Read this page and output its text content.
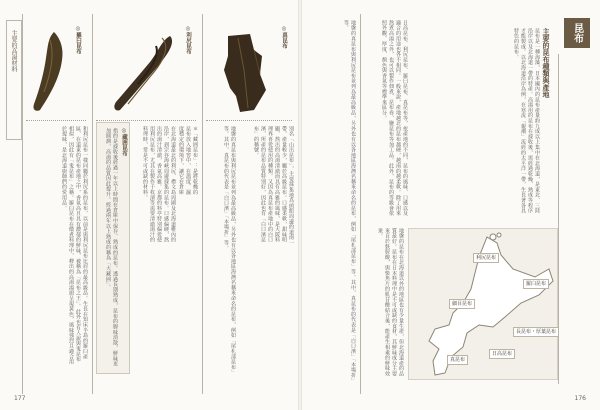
主要的高湯材料	◎羅臼昆布
和利尻昆布一樣同屬於利尻系的昆布，以前是與利尻昆布比肩的最高級品。生長在知床半島的羅臼產區，在道東的昆布產地之中，香氣高且具有濃郁的鮮味，被稱為「昆布之王」。此外也有人說與鬼昆布相似，因此有「鬼昆布」之稱。羅臼昆布在燉煮料理中，釋出的高湯湯頭呈現黃色，風味強烈且適合用於提味，是北海道廚師們的愛用品。
◎利尻昆布
＊「藏囲昆布」：是將乾燥的昆布放入地窖中，在溫度、濕度穩定的環境下，讓它在倉庫
在北海道最北的利尻、禮文島周圍及北海道稚內的沿岸，到宗谷海峽周邊採集的昆布。口感偏硬，熬出的湯汁清澈，香氣高雅。京都的料亭特別偏愛使用利尻昆布，尤其在製作千枚漬等需要清澈湯汁的料理時，常是不可或缺的材料。
◎藏囲昆布
指的是採收後經過一年以上時間在倉庫中保存、熟成的昆布。透過長期熟成，昆布的腥味消散，鮮味更加圓潤，高湯的品質因此提升。經過兩年以上熟成的稱為「大藏囲」。
◎真昆布
別名「山出昆布」，主要採集地為函館周邊的道南一帶，產量較少，屬於高級昆布。口感柔軟，甜味明顯，熬出的高湯清澈而具有高雅的風味，是大阪料理界喜愛使用的種類。又因為真昆布產地中的白口濱，所產的昆布品質特別好，因此也有「白口濱昆布」的稱號。
地盤的真昆布與利尻昆布並列為最高級品，另外也有以各地區海灣名稱來命名的昆布，例如「尾札部昆布」等。其中，真昆布的代表是「白口濱」「本場折」等。
177
地盤的真昆布與利尻昆布並列為最高級品，另外也有以各地區海灣名稱來命名的昆布，例如「尾札部昆布」等。其中，真昆布的代表是「白口濱」「本場折」等。	日高昆布、利尻昆布、羅臼昆布、真昆布等，依產地的不同，昆布的風味、口感以及適合的用途也各不相同。一般來說，產地越北的昆布越硬，越南的越柔軟。除了用來熬煮高湯之外，也可以製作佃煮、昆布卷、鹽昆布等加工品。此外，昆布的等級會依照外觀、厚度、顏色與香氣等標準來區分。
地盤的昆布在北海道以外的地區也有少量生產，但北海道產的品質最好。昆布在日本料理中是不可或缺的食材，其鮮味成分主要來自於麩胺酸，與柴魚片的肌苷酸結合後，能產生相乘的鮮味效果。
主要的昆布種類與產地
昆布是一種海藻，日本國內的昆布產量約九成以上集中在北海道，是東北、三陸沿岸以及北海道一帶的特產。高湯用的昆布在採收後，需經過乾燥、熟成等程序才能製成。以北海道沿岸為例，在寒流「親潮」流經的太平洋一帶，生長著各具特色的昆布。	昆布
利尻昆布
羅臼昆布
細目昆布
長昆布・厚葉昆布
真昆布
日高昆布
176
